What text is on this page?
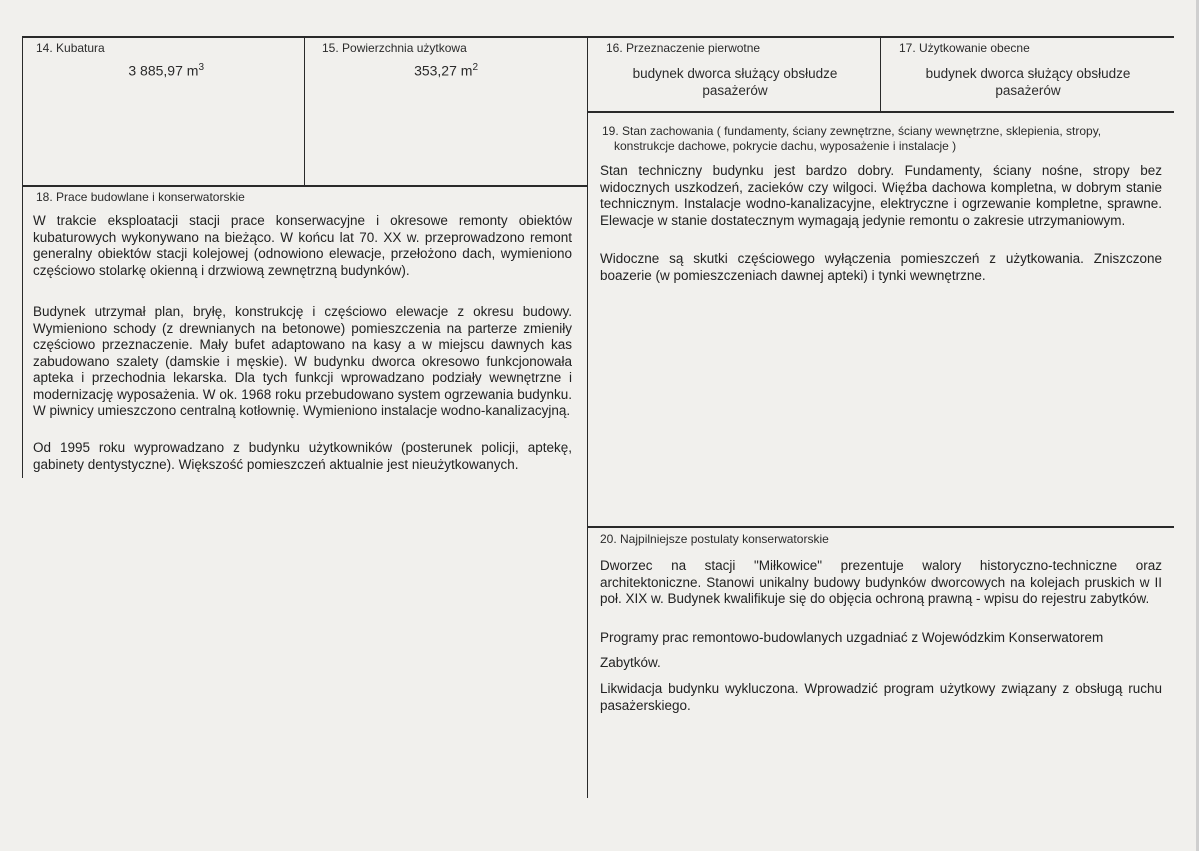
14. Kubatura
3 885,97 $m^3$
15. Powierzchnia użytkowa
353,27 $m^2$
16. Przeznaczenie pierwotne
budynek dworca służący obsłudze
pasażerów
17. Użytkowanie obecne
budynek dworca służący obsłudze
pasażerów
18. Prace budowlane i konserwatorskie

W trakcie eksploatacji stacji prace konserwacyjne i okresowe remonty obiektów kubaturowych wykonywano na bieżąco. W końcu lat 70. XX w. przeprowadzono remont generalny obiektów stacji kolejowej (odnowiono elewacje, przełożono dach, wymieniono częściowo stolarkę okienną i drzwiową zewnętrzną budynków).

Budynek utrzymał plan, bryłę, konstrukcję i częściowo elewacje z okresu budowy. Wymieniono schody (z drewnianych na betonowe) pomieszczenia na parterze zmieniły częściowo przeznaczenie. Mały bufet adaptowano na kasy a w miejscu dawnych kas zabudowano szalety (damskie i męskie). W budynku dworca okresowo funkcjonowała apteka i przechodnia lekarska. Dla tych funkcji wprowadzano podziały wewnętrzne i modernizację wyposażenia. W ok. 1968 roku przebudowano system ogrzewania budynku. W piwnicy umieszczono centralną kotłownię. Wymieniono instalacje wodno-kanalizacyjną.

Od 1995 roku wyprowadzano z budynku użytkowników (posterunek policji, aptekę, gabinety dentystyczne). Większość pomieszczeń aktualnie jest nieużytkowanych.

19. Stan zachowania ( fundamenty, ściany zewnętrzne, ściany wewnętrzne, sklepienia, stropy,
konstrukcje dachowe, pokrycie dachu, wyposażenie i instalacje )

Stan techniczny budynku jest bardzo dobry. Fundamenty, ściany nośne, stropy bez widocznych uszkodzeń, zacieków czy wilgoci. Więźba dachowa kompletna, w dobrym stanie technicznym. Instalacje wodno-kanalizacyjne, elektryczne i ogrzewanie kompletne, sprawne. Elewacje w stanie dostatecznym wymagają jedynie remontu o zakresie utrzymaniowym.

Widoczne są skutki częściowego wyłączenia pomieszczeń z użytkowania. Zniszczone boazerie (w pomieszczeniach dawnej apteki) i tynki wewnętrzne.

20. Najpilniejsze postulaty konserwatorskie

Dworzec na stacji "Miłkowice" prezentuje walory historyczno-techniczne oraz architektoniczne. Stanowi unikalny budowy budynków dworcowych na kolejach pruskich w II poł. XIX w. Budynek kwalifikuje się do objęcia ochroną prawną - wpisu do rejestru zabytków.

Programy prac remontowo-budowlanych uzgadniać z Wojewódzkim Konserwatorem

Zabytków.

Likwidacja budynku wykluczona. Wprowadzić program użytkowy związany z obsługą ruchu pasażerskiego.
